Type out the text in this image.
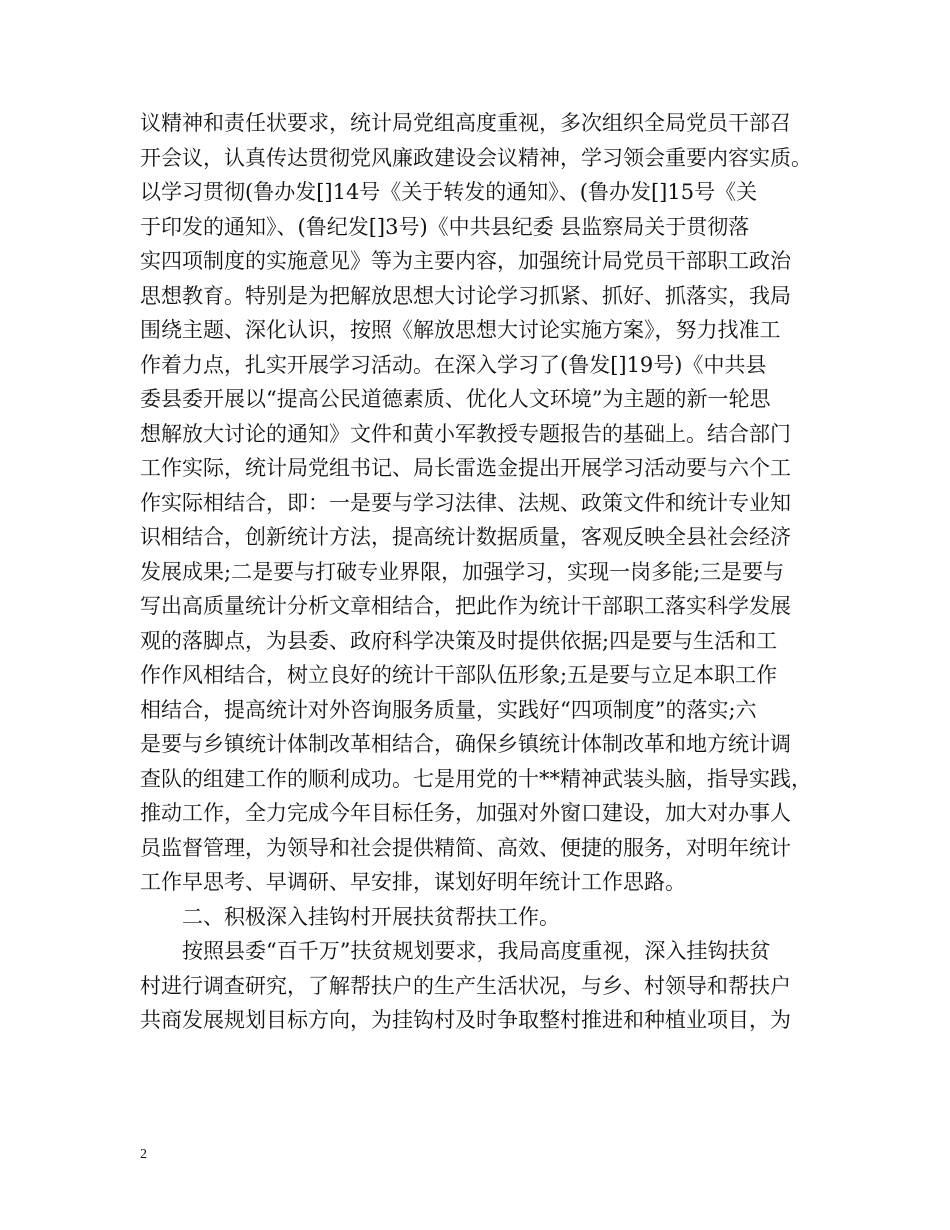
议精神和责任状要求，统计局党组高度重视，多次组织全局党员干部召
开会议，认真传达贯彻党风廉政建设会议精神，学习领会重要内容实质。
以学习贯彻(鲁办发[]14号《关于转发的通知》、(鲁办发[]15号《关
于印发的通知》、(鲁纪发[]3号)《中共县纪委 县监察局关于贯彻落
实四项制度的实施意见》等为主要内容，加强统计局党员干部职工政治
思想教育。特别是为把解放思想大讨论学习抓紧、抓好、抓落实，我局
围绕主题、深化认识，按照《解放思想大讨论实施方案》，努力找准工
作着力点，扎实开展学习活动。在深入学习了(鲁发[]19号)《中共县
委县委开展以“提高公民道德素质、优化人文环境”为主题的新一轮思
想解放大讨论的通知》文件和黄小军教授专题报告的基础上。结合部门
工作实际，统计局党组书记、局长雷选金提出开展学习活动要与六个工
作实际相结合，即：一是要与学习法律、法规、政策文件和统计专业知
识相结合，创新统计方法，提高统计数据质量，客观反映全县社会经济
发展成果;二是要与打破专业界限，加强学习，实现一岗多能;三是要与
写出高质量统计分析文章相结合，把此作为统计干部职工落实科学发展
观的落脚点，为县委、政府科学决策及时提供依据;四是要与生活和工
作作风相结合，树立良好的统计干部队伍形象;五是要与立足本职工作
相结合，提高统计对外咨询服务质量，实践好“四项制度”的落实;六
是要与乡镇统计体制改革相结合，确保乡镇统计体制改革和地方统计调
查队的组建工作的顺利成功。七是用党的十**精神武装头脑，指导实践，
推动工作，全力完成今年目标任务，加强对外窗口建设，加大对办事人
员监督管理，为领导和社会提供精简、高效、便捷的服务，对明年统计
工作早思考、早调研、早安排，谋划好明年统计工作思路。

二、积极深入挂钩村开展扶贫帮扶工作。

按照县委“百千万”扶贫规划要求，我局高度重视，深入挂钩扶贫
村进行调查研究，了解帮扶户的生产生活状况，与乡、村领导和帮扶户
共商发展规划目标方向，为挂钩村及时争取整村推进和种植业项目，为

2
